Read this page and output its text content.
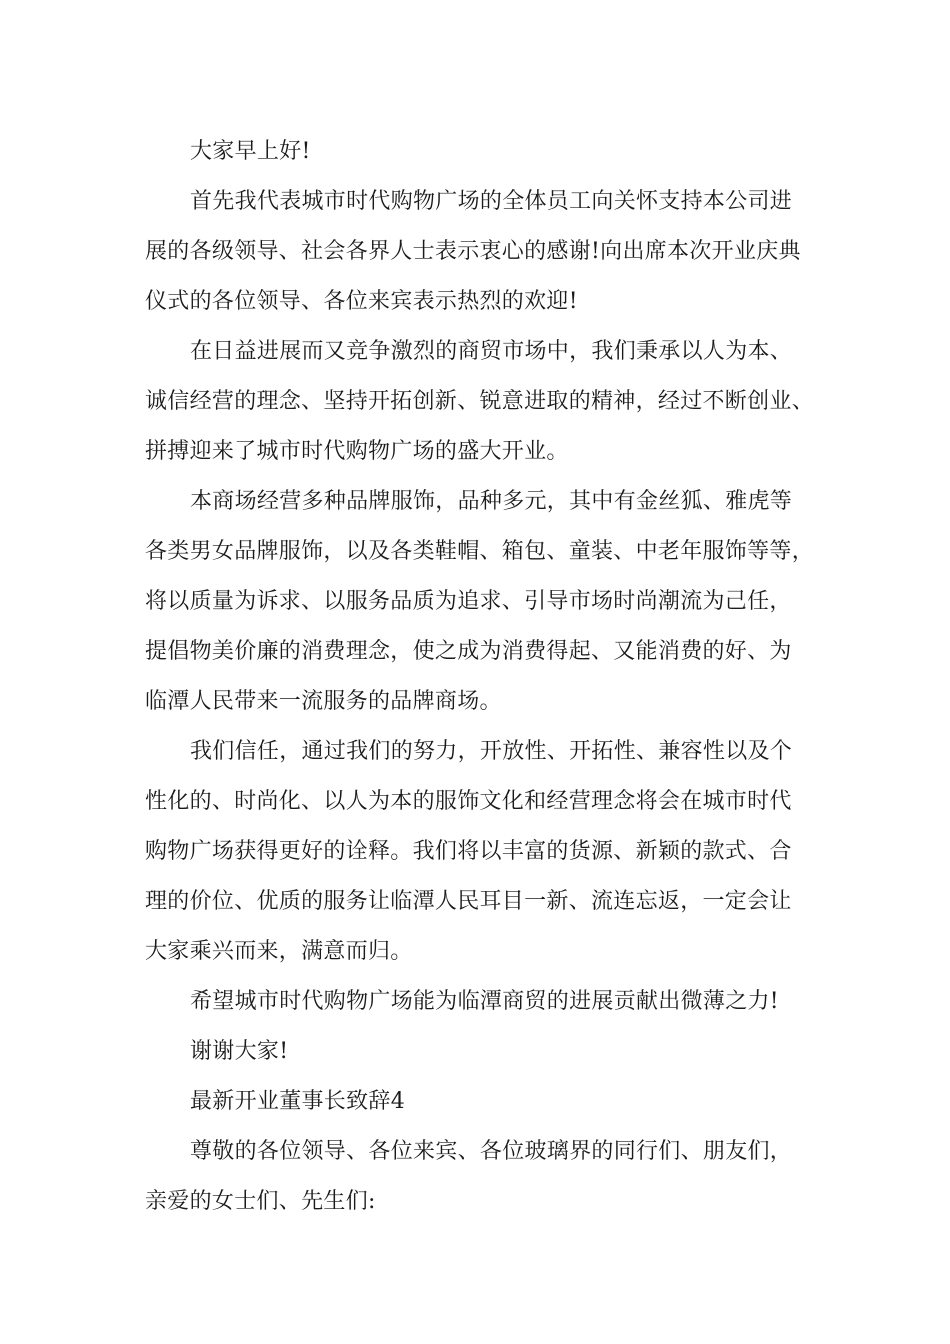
大家早上好!
首先我代表城市时代购物广场的全体员工向关怀支持本公司进
展的各级领导、社会各界人士表示衷心的感谢!向出席本次开业庆典
仪式的各位领导、各位来宾表示热烈的欢迎!
在日益进展而又竞争激烈的商贸市场中，我们秉承以人为本、
诚信经营的理念、坚持开拓创新、锐意进取的精神，经过不断创业、
拼搏迎来了城市时代购物广场的盛大开业。
本商场经营多种品牌服饰，品种多元，其中有金丝狐、雅虎等
各类男女品牌服饰，以及各类鞋帽、箱包、童装、中老年服饰等等，
将以质量为诉求、以服务品质为追求、引导市场时尚潮流为己任，
提倡物美价廉的消费理念，使之成为消费得起、又能消费的好、为
临潭人民带来一流服务的品牌商场。
我们信任，通过我们的努力，开放性、开拓性、兼容性以及个
性化的、时尚化、以人为本的服饰文化和经营理念将会在城市时代
购物广场获得更好的诠释。我们将以丰富的货源、新颖的款式、合
理的价位、优质的服务让临潭人民耳目一新、流连忘返，一定会让
大家乘兴而来，满意而归。
希望城市时代购物广场能为临潭商贸的进展贡献出微薄之力!
谢谢大家!
最新开业董事长致辞4
尊敬的各位领导、各位来宾、各位玻璃界的同行们、朋友们，
亲爱的女士们、先生们:
